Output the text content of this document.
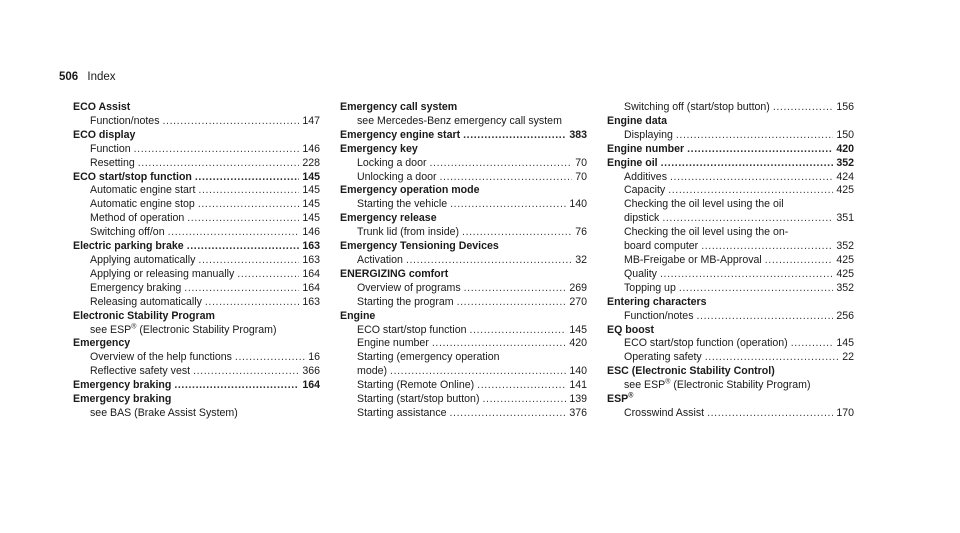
506 Index
ECO Assist
Function/notes .....	147
ECO display
Function .....	146
Resetting .....	228
ECO start/stop function .....	145
Automatic engine start .....	145
Automatic engine stop .....	145
Method of operation .....	145
Switching off/on .....	146
Electric parking brake .....	163
Applying automatically .....	163
Applying or releasing manually .....	164
Emergency braking .....	164
Releasing automatically .....	163
Electronic Stability Program
see ESP® (Electronic Stability Program)
Emergency
Overview of the help functions .....	16
Reflective safety vest .....	366
Emergency braking .....	164
Emergency braking
see BAS (Brake Assist System)
Emergency call system
see Mercedes-Benz emergency call system
Emergency engine start .....	383
Emergency key
Locking a door .....	70
Unlocking a door .....	70
Emergency operation mode
Starting the vehicle .....	140
Emergency release
Trunk lid (from inside) .....	76
Emergency Tensioning Devices
Activation .....	32
ENERGIZING comfort
Overview of programs .....	269
Starting the program .....	270
Engine
ECO start/stop function .....	145
Engine number .....	420
Starting (emergency operation
mode) .....	140
Starting (Remote Online) .....	141
Starting (start/stop button) .....	139
Starting assistance .....	376
Switching off (start/stop button) .....	156
Engine data
Displaying .....	150
Engine number .....	420
Engine oil .....	352
Additives .....	424
Capacity .....	425
Checking the oil level using the oil
dipstick .....	351
Checking the oil level using the on-
board computer .....	352
MB-Freigabe or MB-Approval .....	425
Quality .....	425
Topping up .....	352
Entering characters
Function/notes .....	256
EQ boost
ECO start/stop function (operation) .....	145
Operating safety .....	22
ESC (Electronic Stability Control)
see ESP® (Electronic Stability Program)
ESP®
Crosswind Assist .....	170
